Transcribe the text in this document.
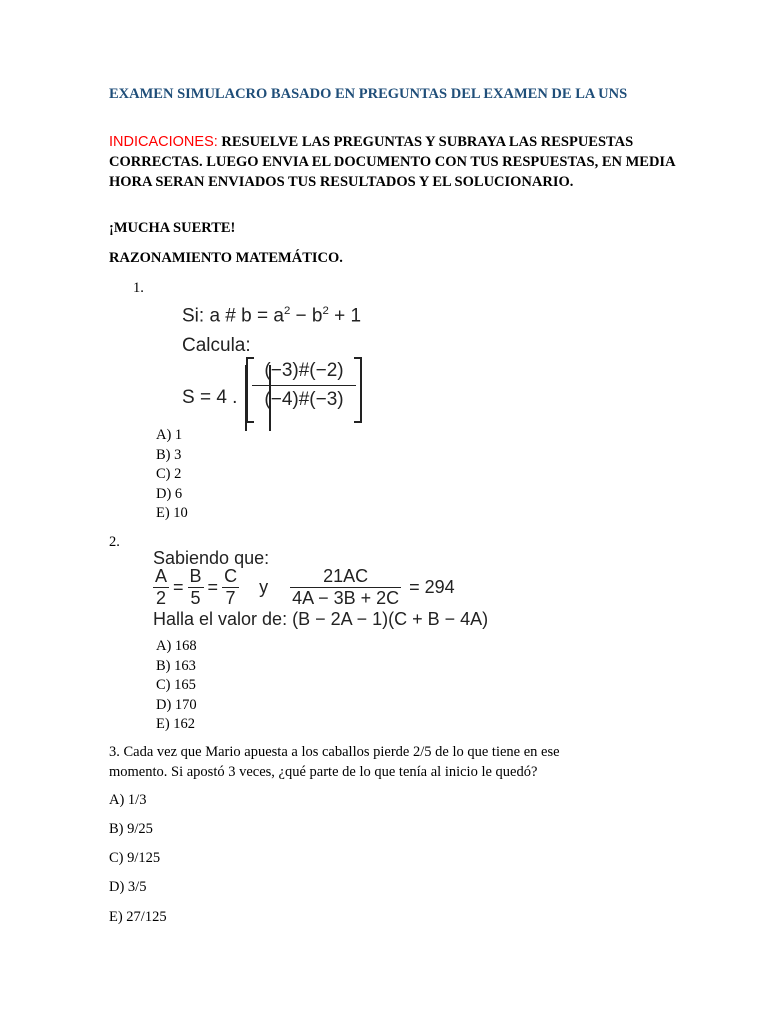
EXAMEN SIMULACRO BASADO EN PREGUNTAS DEL EXAMEN DE LA UNS
INDICACIONES: RESUELVE LAS PREGUNTAS Y SUBRAYA LAS RESPUESTAS CORRECTAS. LUEGO ENVIA EL DOCUMENTO CON TUS RESPUESTAS, EN MEDIA HORA SERAN ENVIADOS TUS RESULTADOS Y EL SOLUCIONARIO.
¡MUCHA SUERTE!
RAZONAMIENTO MATEMÁTICO.
1.
Si: a # $b = a^2 - b^2 + 1$
Calcula:
S = 4 . $\frac{(-3)\#(-2)}{(-4)\#(-3)}$
A) 1
B) 3
C) 2
D) 6
E) 10
2.
Sabiendo que:
$\frac{A}{2} = \frac{B}{5} = \frac{C}{7}$ y $\frac{21AC}{4A - 3B + 2C} = 294$
Halla el valor de: (B − 2A − 1)(C + B − 4A)
A) 168
B) 163
C) 165
D) 170
E) 162
3. Cada vez que Mario apuesta a los caballos pierde 2/5 de lo que tiene en ese
momento. Si apostó 3 veces, ¿qué parte de lo que tenía al inicio le quedó?
A) 1/3
B) 9/25
C) 9/125
D) 3/5
E) 27/125
